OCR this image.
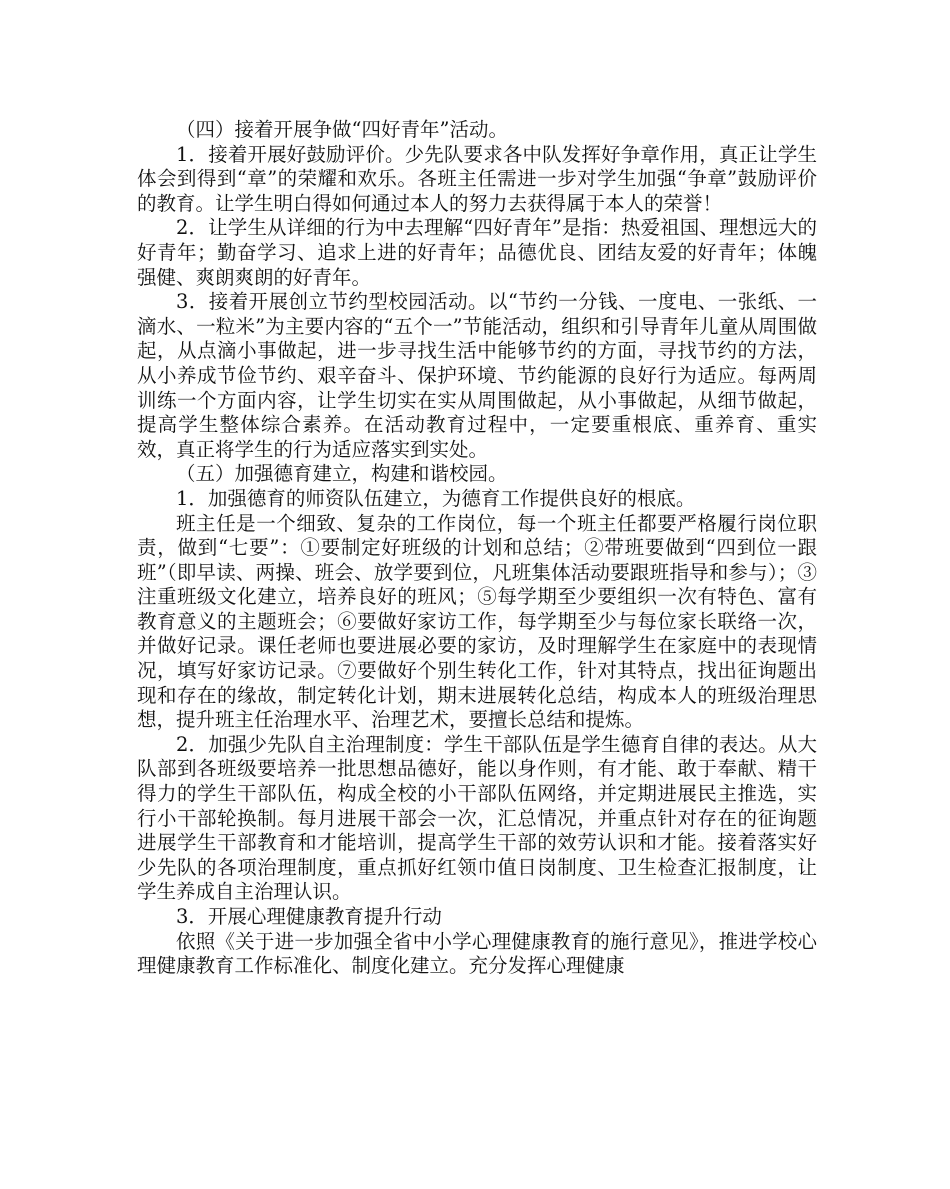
（四）接着开展争做“四好青年”活动。

1．接着开展好鼓励评价。少先队要求各中队发挥好争章作用，真正让学生体会到得到“章”的荣耀和欢乐。各班主任需进一步对学生加强“争章”鼓励评价的教育。让学生明白得如何通过本人的努力去获得属于本人的荣誉！

2．让学生从详细的行为中去理解“四好青年”是指：热爱祖国、理想远大的好青年；勤奋学习、追求上进的好青年；品德优良、团结友爱的好青年；体魄强健、爽朗爽朗的好青年。

3．接着开展创立节约型校园活动。以“节约一分钱、一度电、一张纸、一滴水、一粒米”为主要内容的“五个一”节能活动，组织和引导青年儿童从周围做起，从点滴小事做起，进一步寻找生活中能够节约的方面，寻找节约的方法，从小养成节俭节约、艰辛奋斗、保护环境、节约能源的良好行为适应。每两周训练一个方面内容，让学生切实在实从周围做起，从小事做起，从细节做起，提高学生整体综合素养。在活动教育过程中，一定要重根底、重养育、重实效，真正将学生的行为适应落实到实处。

（五）加强德育建立，构建和谐校园。

1．加强德育的师资队伍建立，为德育工作提供良好的根底。

班主任是一个细致、复杂的工作岗位，每一个班主任都要严格履行岗位职责，做到“七要”：①要制定好班级的计划和总结；②带班要做到“四到位一跟班”（即早读、两操、班会、放学要到位，凡班集体活动要跟班指导和参与）；③注重班级文化建立，培养良好的班风；⑤每学期至少要组织一次有特色、富有教育意义的主题班会；⑥要做好家访工作，每学期至少与每位家长联络一次，并做好记录。课任老师也要进展必要的家访，及时理解学生在家庭中的表现情况，填写好家访记录。⑦要做好个别生转化工作，针对其特点，找出征询题出现和存在的缘故，制定转化计划，期末进展转化总结，构成本人的班级治理思想，提升班主任治理水平、治理艺术，要擅长总结和提炼。

2．加强少先队自主治理制度：学生干部队伍是学生德育自律的表达。从大队部到各班级要培养一批思想品德好，能以身作则，有才能、敢于奉献、精干得力的学生干部队伍，构成全校的小干部队伍网络，并定期进展民主推选，实行小干部轮换制。每月进展干部会一次，汇总情况，并重点针对存在的征询题进展学生干部教育和才能培训，提高学生干部的效劳认识和才能。接着落实好少先队的各项治理制度，重点抓好红领巾值日岗制度、卫生检查汇报制度，让学生养成自主治理认识。

3．开展心理健康教育提升行动

依照《关于进一步加强全省中小学心理健康教育的施行意见》，推进学校心理健康教育工作标准化、制度化建立。充分发挥心理健康
